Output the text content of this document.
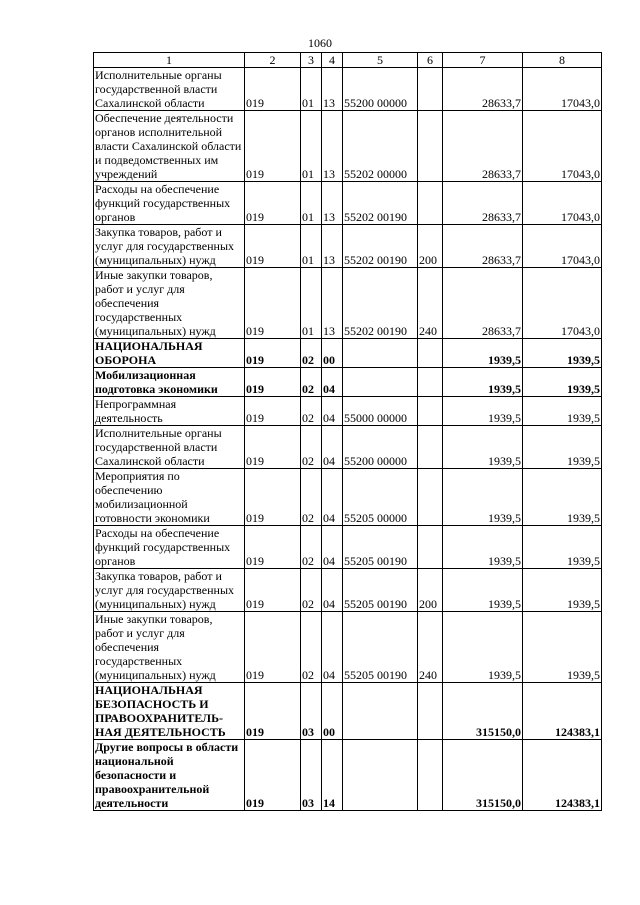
1060
1	2	3	4	5	6	7	8
Исполнительные органы государственной власти Сахалинской области	019	01	13	55200 00000		28633,7	17043,0
Обеспечение деятельности органов исполнительной власти Сахалинской области и подведомственных им учреждений	019	01	13	55202 00000		28633,7	17043,0
Расходы на обеспечение функций государственных органов	019	01	13	55202 00190		28633,7	17043,0
Закупка товаров, работ и услуг для государственных (муниципальных) нужд	019	01	13	55202 00190	200	28633,7	17043,0
Иные закупки товаров, работ и услуг для обеспечения государственных (муниципальных) нужд	019	01	13	55202 00190	240	28633,7	17043,0
НАЦИОНАЛЬНАЯ ОБОРОНА	019	02	00			1939,5	1939,5
Мобилизационная подготовка экономики	019	02	04			1939,5	1939,5
Непрограммная деятельность	019	02	04	55000 00000		1939,5	1939,5
Исполнительные органы государственной власти Сахалинской области	019	02	04	55200 00000		1939,5	1939,5
Мероприятия по обеспечению мобилизационной готовности экономики	019	02	04	55205 00000		1939,5	1939,5
Расходы на обеспечение функций государственных органов	019	02	04	55205 00190		1939,5	1939,5
Закупка товаров, работ и услуг для государственных (муниципальных) нужд	019	02	04	55205 00190	200	1939,5	1939,5
Иные закупки товаров, работ и услуг для обеспечения государственных (муниципальных) нужд	019	02	04	55205 00190	240	1939,5	1939,5
НАЦИОНАЛЬНАЯ БЕЗОПАСНОСТЬ И ПРАВООХРАНИТЕЛЬ-НАЯ ДЕЯТЕЛЬНОСТЬ	019	03	00			315150,0	124383,1
Другие вопросы в области национальной безопасности и правоохранительной деятельности	019	03	14			315150,0	124383,1
